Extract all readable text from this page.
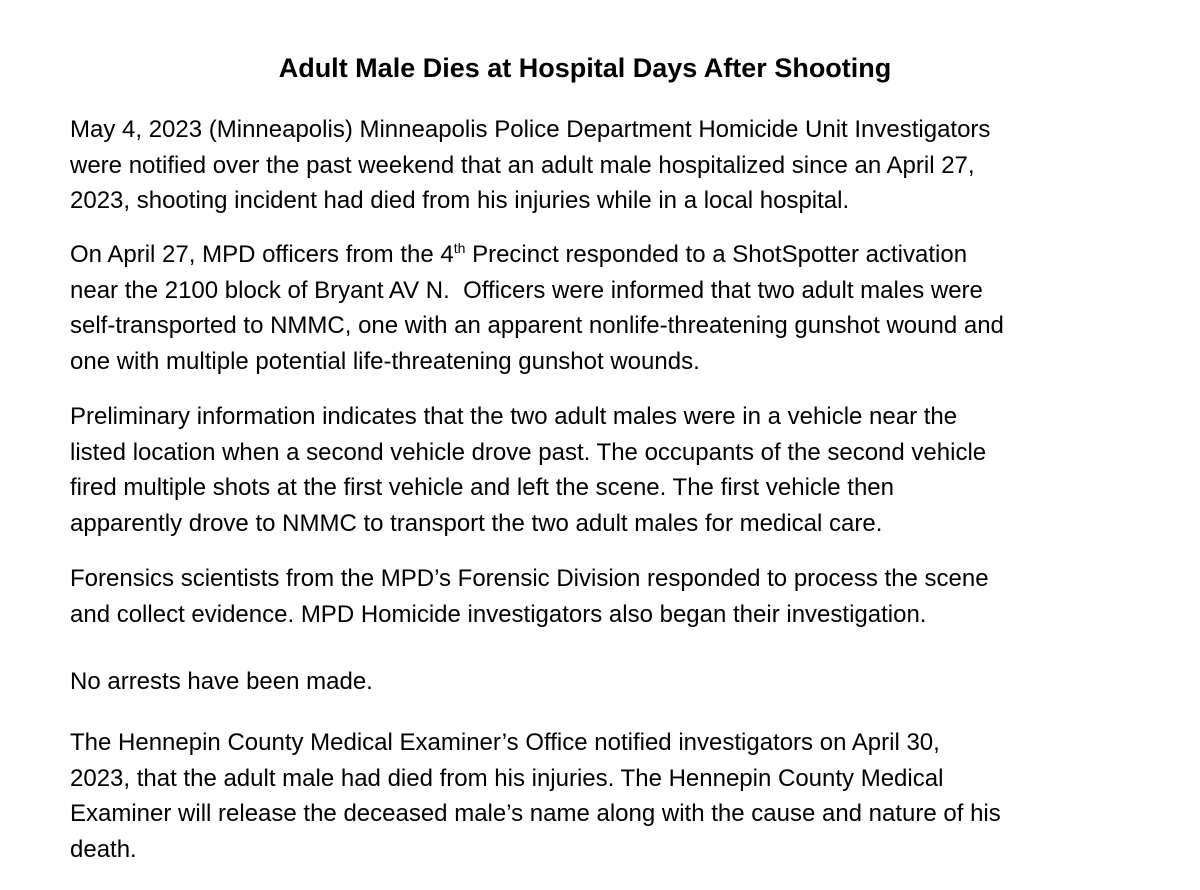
Adult Male Dies at Hospital Days After Shooting

May 4, 2023 (Minneapolis) Minneapolis Police Department Homicide Unit Investigators
were notified over the past weekend that an adult male hospitalized since an April 27,
2023, shooting incident had died from his injuries while in a local hospital.

On April 27, MPD officers from the 4th Precinct responded to a ShotSpotter activation
near the 2100 block of Bryant AV N.  Officers were informed that two adult males were
self-transported to NMMC, one with an apparent nonlife-threatening gunshot wound and
one with multiple potential life-threatening gunshot wounds.

Preliminary information indicates that the two adult males were in a vehicle near the
listed location when a second vehicle drove past. The occupants of the second vehicle
fired multiple shots at the first vehicle and left the scene. The first vehicle then
apparently drove to NMMC to transport the two adult males for medical care.

Forensics scientists from the MPD’s Forensic Division responded to process the scene
and collect evidence. MPD Homicide investigators also began their investigation.

No arrests have been made.

The Hennepin County Medical Examiner’s Office notified investigators on April 30,
2023, that the adult male had died from his injuries. The Hennepin County Medical
Examiner will release the deceased male’s name along with the cause and nature of his
death.
